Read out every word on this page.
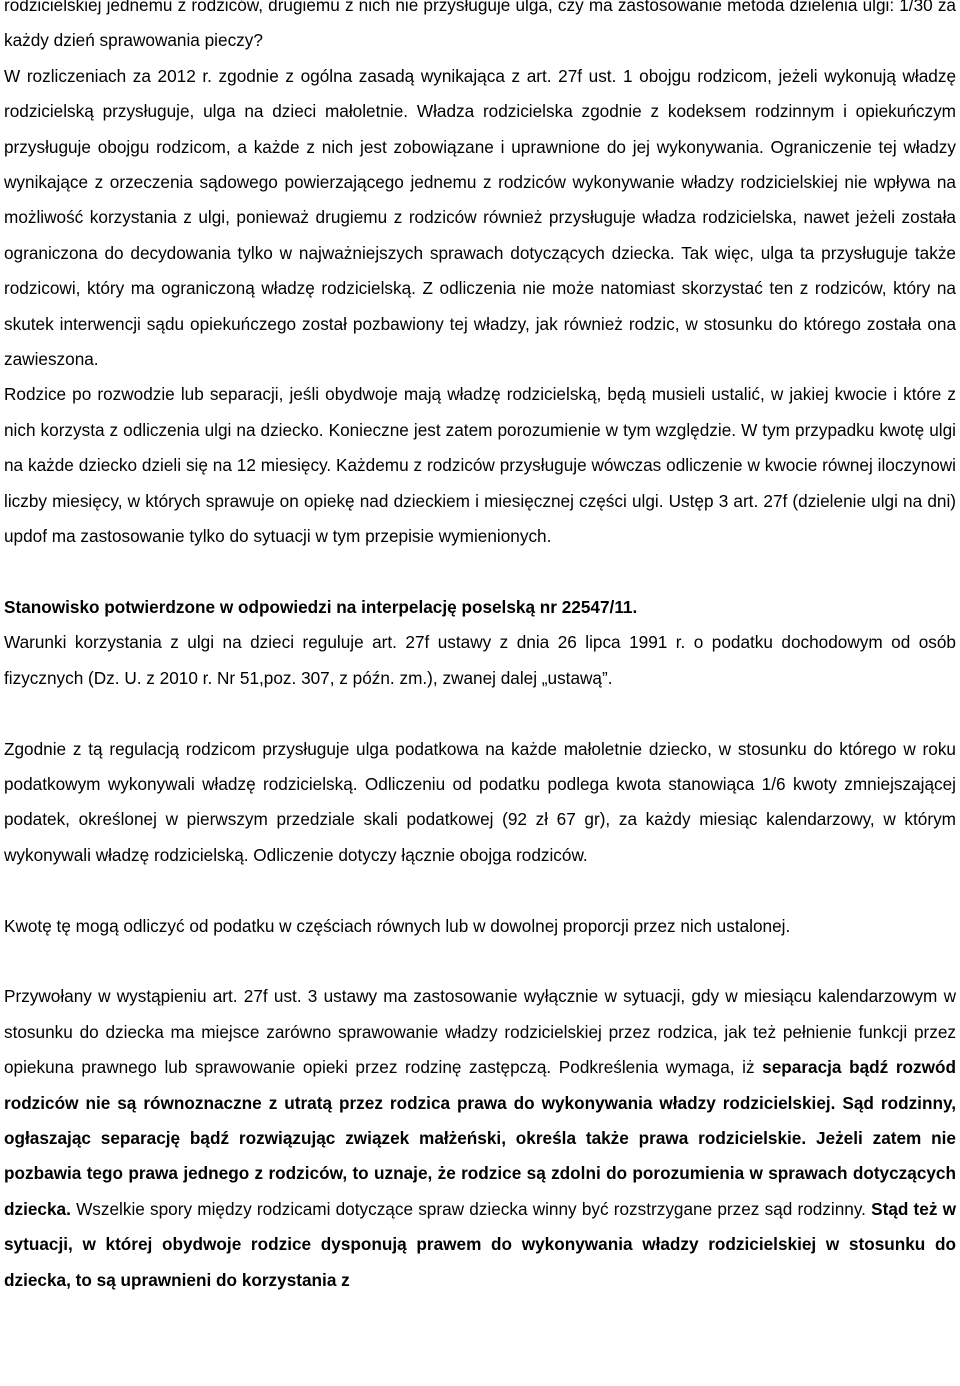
rodzicielskiej jednemu z rodziców, drugiemu z nich nie przysługuje ulga, czy ma zastosowanie metoda dzielenia ulgi: 1/30 za każdy dzień sprawowania pieczy?

W rozliczeniach za 2012 r. zgodnie z ogólna zasadą wynikająca z art. 27f ust. 1 obojgu rodzicom, jeżeli wykonują władzę rodzicielską przysługuje, ulga na dzieci małoletnie. Władza rodzicielska zgodnie z kodeksem rodzinnym i opiekuńczym przysługuje obojgu rodzicom, a każde z nich jest zobowiązane i uprawnione do jej wykonywania. Ograniczenie tej władzy wynikające z orzeczenia sądowego powierzającego jednemu z rodziców wykonywanie władzy rodzicielskiej nie wpływa na możliwość korzystania z ulgi, ponieważ drugiemu z rodziców również przysługuje władza rodzicielska, nawet jeżeli została ograniczona do decydowania tylko w najważniejszych sprawach dotyczących dziecka. Tak więc, ulga ta przysługuje także rodzicowi, który ma ograniczoną władzę rodzicielską. Z odliczenia nie może natomiast skorzystać ten z rodziców, który na skutek interwencji sądu opiekuńczego został pozbawiony tej władzy, jak również rodzic, w stosunku do którego została ona zawieszona.

Rodzice po rozwodzie lub separacji, jeśli obydwoje mają władzę rodzicielską, będą musieli ustalić, w jakiej kwocie i które z nich korzysta z odliczenia ulgi na dziecko. Konieczne jest zatem porozumienie w tym względzie. W tym przypadku kwotę ulgi na każde dziecko dzieli się na 12 miesięcy. Każdemu z rodziców przysługuje wówczas odliczenie w kwocie równej iloczynowi liczby miesięcy, w których sprawuje on opiekę nad dzieckiem i miesięcznej części ulgi. Ustęp 3 art. 27f (dzielenie ulgi na dni) updof ma zastosowanie tylko do sytuacji w tym przepisie wymienionych.

Stanowisko potwierdzone w odpowiedzi na interpelację poselską nr 22547/11.

Warunki korzystania z ulgi na dzieci reguluje art. 27f ustawy z dnia 26 lipca 1991 r. o podatku dochodowym od osób fizycznych (Dz. U. z 2010 r. Nr 51,poz. 307, z późn. zm.), zwanej dalej „ustawą”.

Zgodnie z tą regulacją rodzicom przysługuje ulga podatkowa na każde małoletnie dziecko, w stosunku do którego w roku podatkowym wykonywali władzę rodzicielską. Odliczeniu od podatku podlega kwota stanowiąca 1/6 kwoty zmniejszającej podatek, określonej w pierwszym przedziale skali podatkowej (92 zł 67 gr), za każdy miesiąc kalendarzowy, w którym wykonywali władzę rodzicielską. Odliczenie dotyczy łącznie obojga rodziców.

Kwotę tę mogą odliczyć od podatku w częściach równych lub w dowolnej proporcji przez nich ustalonej.

Przywołany w wystąpieniu art. 27f ust. 3 ustawy ma zastosowanie wyłącznie w sytuacji, gdy w miesiącu kalendarzowym w stosunku do dziecka ma miejsce zarówno sprawowanie władzy rodzicielskiej przez rodzica, jak też pełnienie funkcji przez opiekuna prawnego lub sprawowanie opieki przez rodzinę zastępczą. Podkreślenia wymaga, iż separacja bądź rozwód rodziców nie są równoznaczne z utratą przez rodzica prawa do wykonywania władzy rodzicielskiej. Sąd rodzinny, ogłaszając separację bądź rozwiązując związek małżeński, określa także prawa rodzicielskie. Jeżeli zatem nie pozbawia tego prawa jednego z rodziców, to uznaje, że rodzice są zdolni do porozumienia w sprawach dotyczących dziecka. Wszelkie spory między rodzicami dotyczące spraw dziecka winny być rozstrzygane przez sąd rodzinny. Stąd też w sytuacji, w której obydwoje rodzice dysponują prawem do wykonywania władzy rodzicielskiej w stosunku do dziecka, to są uprawnieni do korzystania z
